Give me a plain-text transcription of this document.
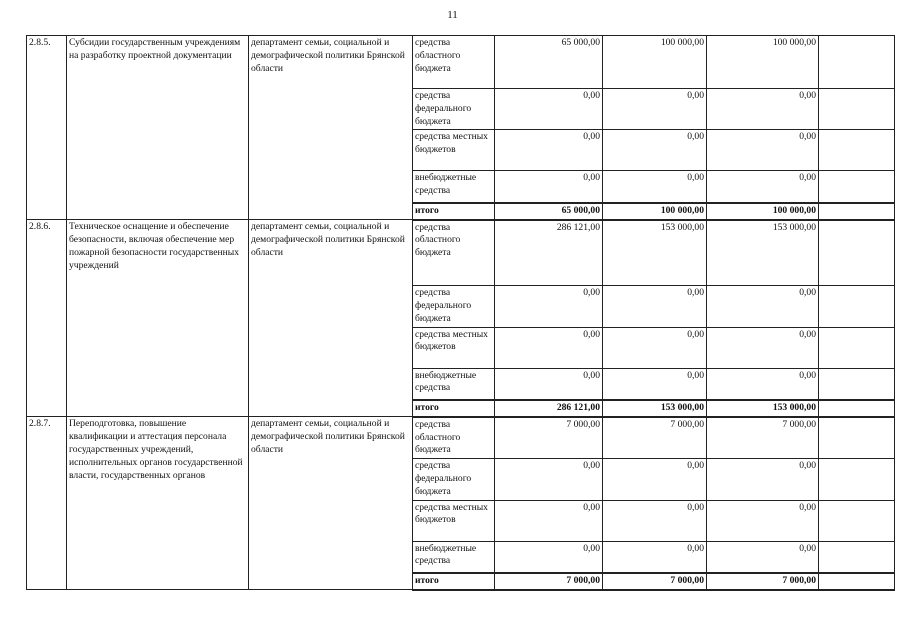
11
2.8.5.	Субсидии государственным учреждениям на разработку проектной документации	департамент семьи, социальной и демографической политики Брянской области	средства областного бюджета	65 000,00	100 000,00	100 000,00	
			средства федерального бюджета	0,00	0,00	0,00	
			средства местных бюджетов	0,00	0,00	0,00	
			внебюджетные средства	0,00	0,00	0,00	
			итого	65 000,00	100 000,00	100 000,00	
2.8.6.	Техническое оснащение и обеспечение безопасности, включая обеспечение мер пожарной безопасности государственных учреждений	департамент семьи, социальной и демографической политики Брянской области	средства областного бюджета	286 121,00	153 000,00	153 000,00	
			средства федерального бюджета	0,00	0,00	0,00	
			средства местных бюджетов	0,00	0,00	0,00	
			внебюджетные средства	0,00	0,00	0,00	
			итого	286 121,00	153 000,00	153 000,00	
2.8.7.	Переподготовка, повышение квалификации и аттестация персонала государственных учреждений, исполнительных органов государственной власти, государственных органов	департамент семьи, социальной и демографической политики Брянской области	средства областного бюджета	7 000,00	7 000,00	7 000,00	
			средства федерального бюджета	0,00	0,00	0,00	
			средства местных бюджетов	0,00	0,00	0,00	
			внебюджетные средства	0,00	0,00	0,00	
			итого	7 000,00	7 000,00	7 000,00	
